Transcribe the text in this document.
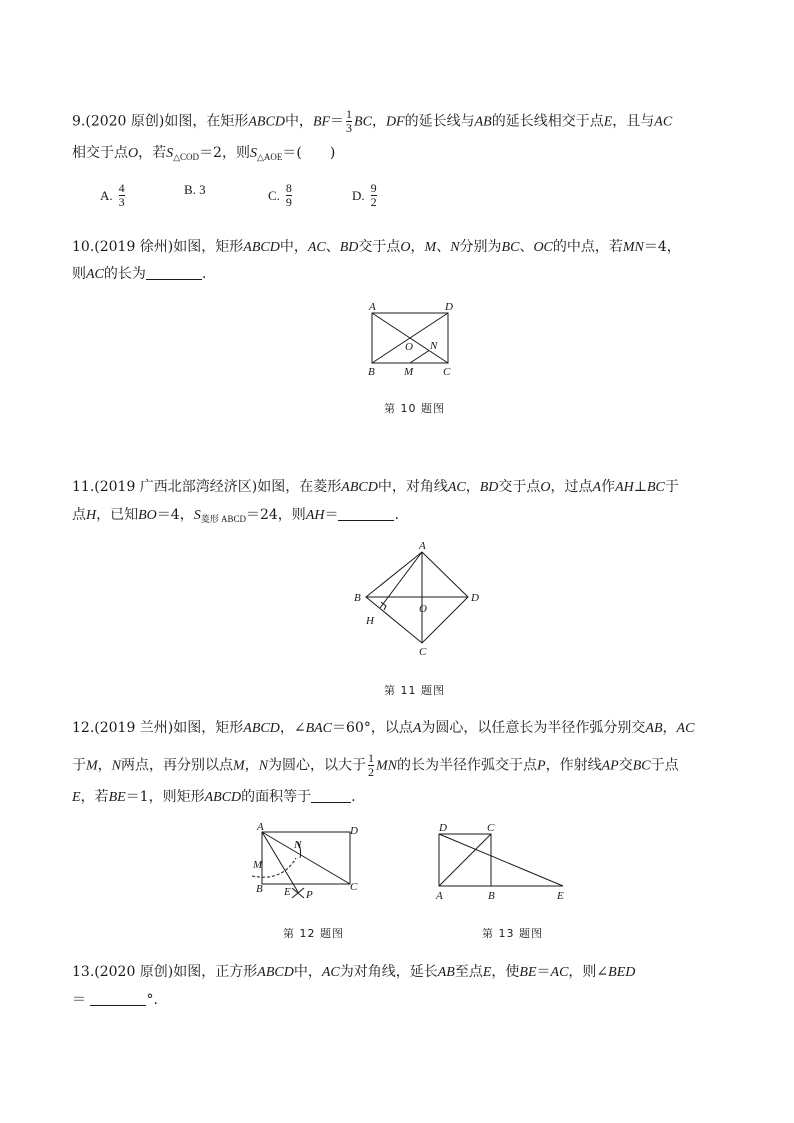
9.(2020 原创)如图，在矩形ABCD中，$BF= \frac{1}{3}$ BC，DF的延长线与AB的延长线相交于点E，且与AC
相交于点O，若$S_{\triangle COD}=2$，则$S_{\triangle AOE}=$(　　)
A. $\frac{4}{3}$	B. 3	C. $\frac{8}{9}$	D. $\frac{9}{2}$
10.(2019 徐州)如图，矩形ABCD中，AC、BD交于点O，M、N分别为BC、OC的中点，若MN＝4，
则AC的长为	.
A	D
B	M	C
O N
第 10 题图
11.(2019 广西北部湾经济区)如图，在菱形ABCD中，对角线AC，BD交于点O，过点A作AH⊥BC于
点H，已知BO＝4，$S_{菱形 ABCD}=24$，则AH＝	.
A
B	D
C
O
H
第 11 题图
12.(2019 兰州)如图，矩形ABCD，∠BAC＝60°，以点A为圆心，以任意长为半径作弧分别交AB，AC
于M，N两点，再分别以点M，N为圆心，以大于 $\frac{1}{2}$ MN的长为半径作弧交于点P，作射线AP交BC于点
E，若BE＝1，则矩形ABCD的面积等于	.
A	D
N
M
B E P
C
第 12 题图
D	C
A	B	E
第 13 题图
13.(2020 原创)如图，正方形ABCD中，AC为对角线，延长AB至点E，使BE＝AC，则∠BED
＝	°.
